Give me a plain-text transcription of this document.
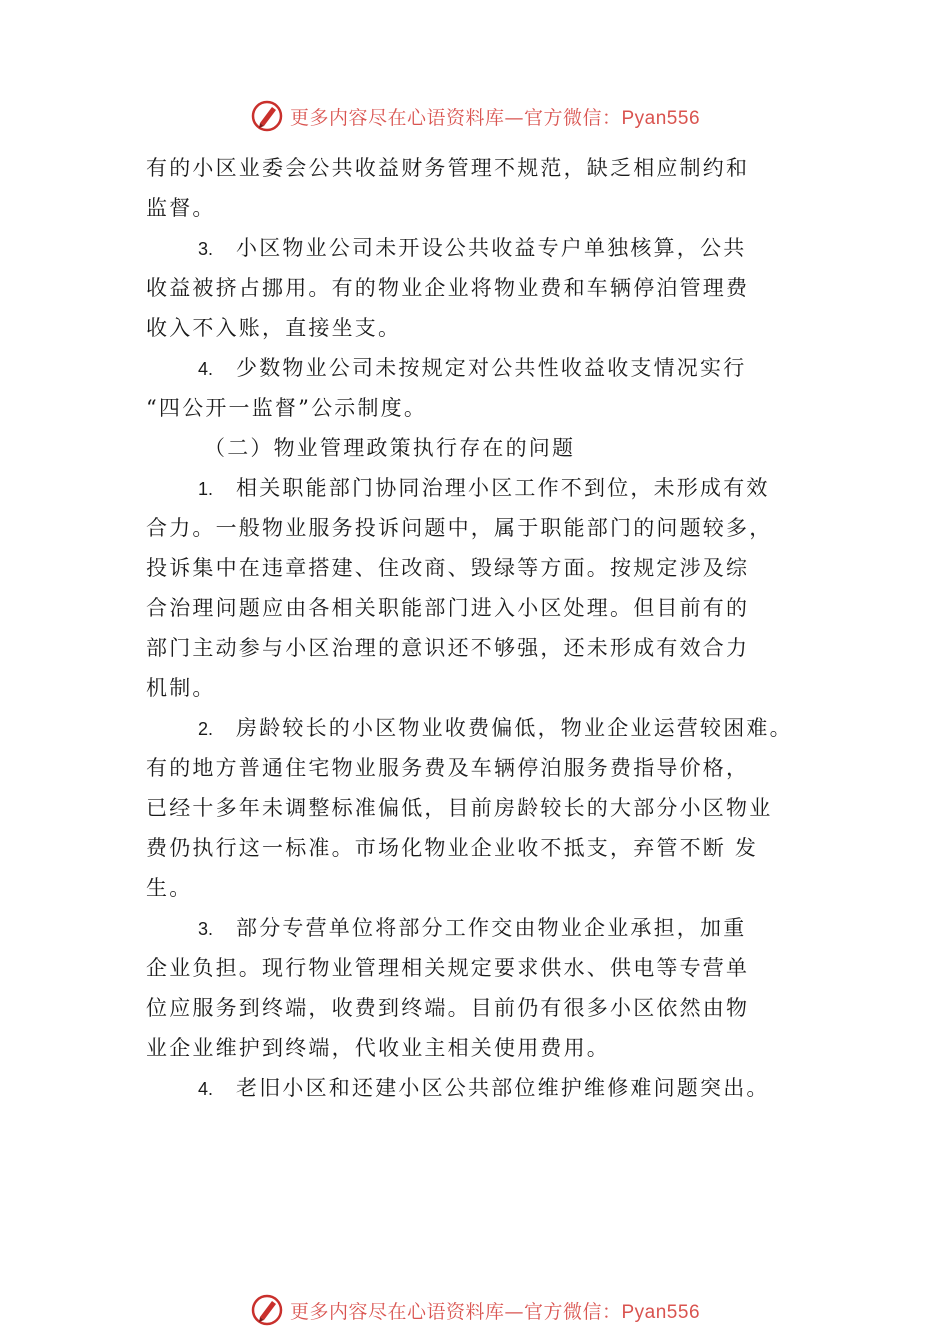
更多内容尽在心语资料库—官方微信：Pyan556
有的小区业委会公共收益财务管理不规范，缺乏相应制约和
监督。
3. 小区物业公司未开设公共收益专户单独核算，公共
收益被挤占挪用。有的物业企业将物业费和车辆停泊管理费
收入不入账，直接坐支。
4. 少数物业公司未按规定对公共性收益收支情况实行
“四公开一监督”公示制度。
（二）物业管理政策执行存在的问题
1. 相关职能部门协同治理小区工作不到位，未形成有效
合力。一般物业服务投诉问题中，属于职能部门的问题较多，
投诉集中在违章搭建、住改商、毁绿等方面。按规定涉及综
合治理问题应由各相关职能部门进入小区处理。但目前有的
部门主动参与小区治理的意识还不够强，还未形成有效合力
机制。
2. 房龄较长的小区物业收费偏低，物业企业运营较困难。
有的地方普通住宅物业服务费及车辆停泊服务费指导价格，
已经十多年未调整标准偏低，目前房龄较长的大部分小区物业
费仍执行这一标准。市场化物业企业收不抵支，弃管不断 发
生。
3. 部分专营单位将部分工作交由物业企业承担，加重
企业负担。现行物业管理相关规定要求供水、供电等专营单
位应服务到终端，收费到终端。目前仍有很多小区依然由物
业企业维护到终端，代收业主相关使用费用。
4. 老旧小区和还建小区公共部位维护维修难问题突出。
更多内容尽在心语资料库—官方微信：Pyan556
